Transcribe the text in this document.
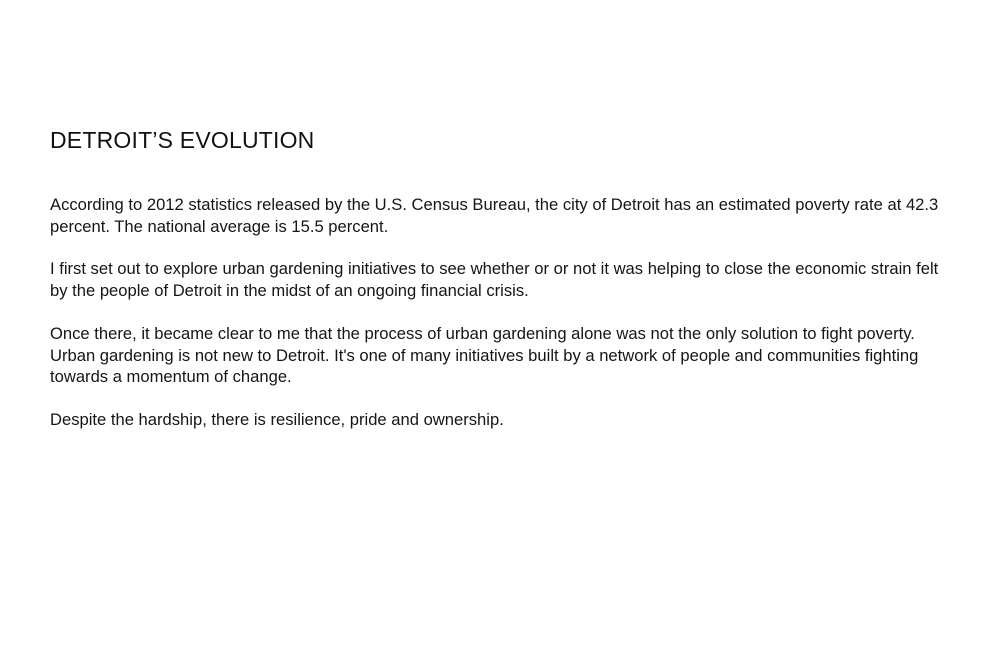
DETROIT’S EVOLUTION

According to 2012 statistics released by the U.S. Census Bureau, the city of Detroit has an estimated poverty rate at 42.3 percent. The national average is 15.5 percent.

I first set out to explore urban gardening initiatives to see whether or or not it was helping to close the economic strain felt by the people of Detroit in the midst of an ongoing financial crisis.

Once there, it became clear to me that the process of urban gardening alone was not the only solution to fight poverty. Urban gardening is not new to Detroit. It's one of many initiatives built by a network of people and communities fighting towards a momentum of change.

Despite the hardship, there is resilience, pride and ownership.
